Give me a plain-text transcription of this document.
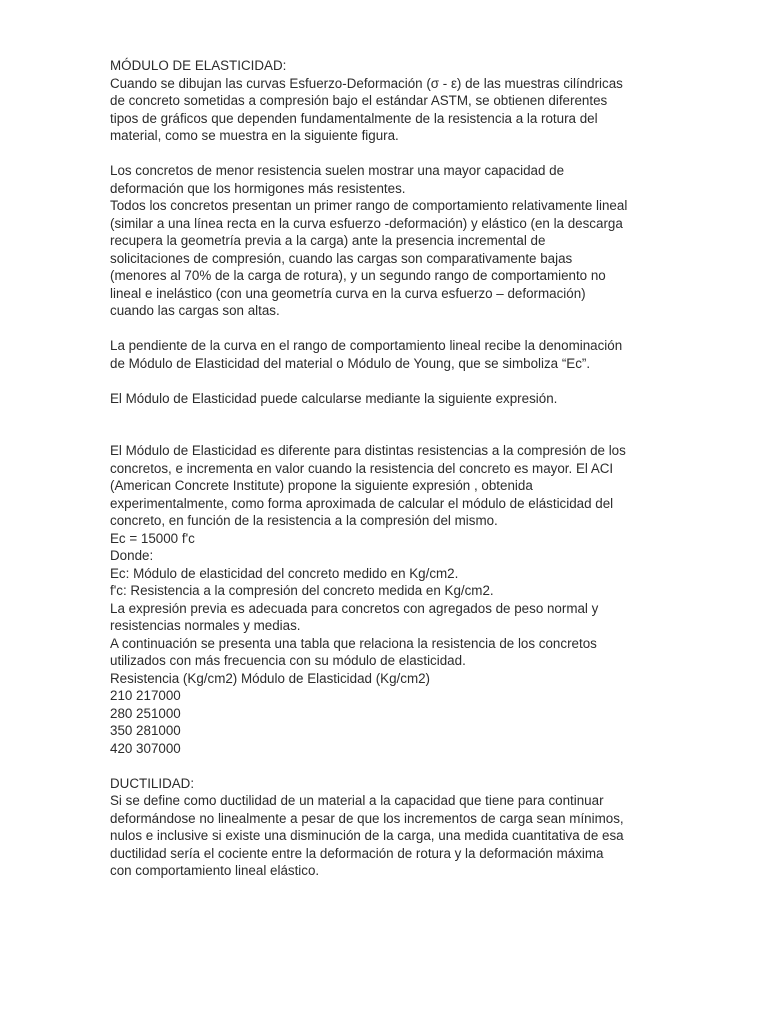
MÓDULO DE ELASTICIDAD:
Cuando se dibujan las curvas Esfuerzo-Deformación (σ - ε) de las muestras cilíndricas
de concreto sometidas a compresión bajo el estándar ASTM, se obtienen diferentes
tipos de gráficos que dependen fundamentalmente de la resistencia a la rotura del
material, como se muestra en la siguiente figura.
Los concretos de menor resistencia suelen mostrar una mayor capacidad de
deformación que los hormigones más resistentes.
Todos los concretos presentan un primer rango de comportamiento relativamente lineal
(similar a una línea recta en la curva esfuerzo -deformación) y elástico (en la descarga
recupera la geometría previa a la carga) ante la presencia incremental de
solicitaciones de compresión, cuando las cargas son comparativamente bajas
(menores al 70% de la carga de rotura), y un segundo rango de comportamiento no
lineal e inelástico (con una geometría curva en la curva esfuerzo – deformación)
cuando las cargas son altas.
La pendiente de la curva en el rango de comportamiento lineal recibe la denominación
de Módulo de Elasticidad del material o Módulo de Young, que se simboliza “Ec”.
El Módulo de Elasticidad puede calcularse mediante la siguiente expresión.
El Módulo de Elasticidad es diferente para distintas resistencias a la compresión de los
concretos, e incrementa en valor cuando la resistencia del concreto es mayor. El ACI
(American Concrete Institute) propone la siguiente expresión , obtenida
experimentalmente, como forma aproximada de calcular el módulo de elásticidad del
concreto, en función de la resistencia a la compresión del mismo.
Ec = 15000 f'c
Donde:
Ec: Módulo de elasticidad del concreto medido en Kg/cm2.
f'c: Resistencia a la compresión del concreto medida en Kg/cm2.
La expresión previa es adecuada para concretos con agregados de peso normal y
resistencias normales y medias.
A continuación se presenta una tabla que relaciona la resistencia de los concretos
utilizados con más frecuencia con su módulo de elasticidad.
Resistencia (Kg/cm2) Módulo de Elasticidad (Kg/cm2)
210 217000
280 251000
350 281000
420 307000
DUCTILIDAD:
Si se define como ductilidad de un material a la capacidad que tiene para continuar
deformándose no linealmente a pesar de que los incrementos de carga sean mínimos,
nulos e inclusive si existe una disminución de la carga, una medida cuantitativa de esa
ductilidad sería el cociente entre la deformación de rotura y la deformación máxima
con comportamiento lineal elástico.
